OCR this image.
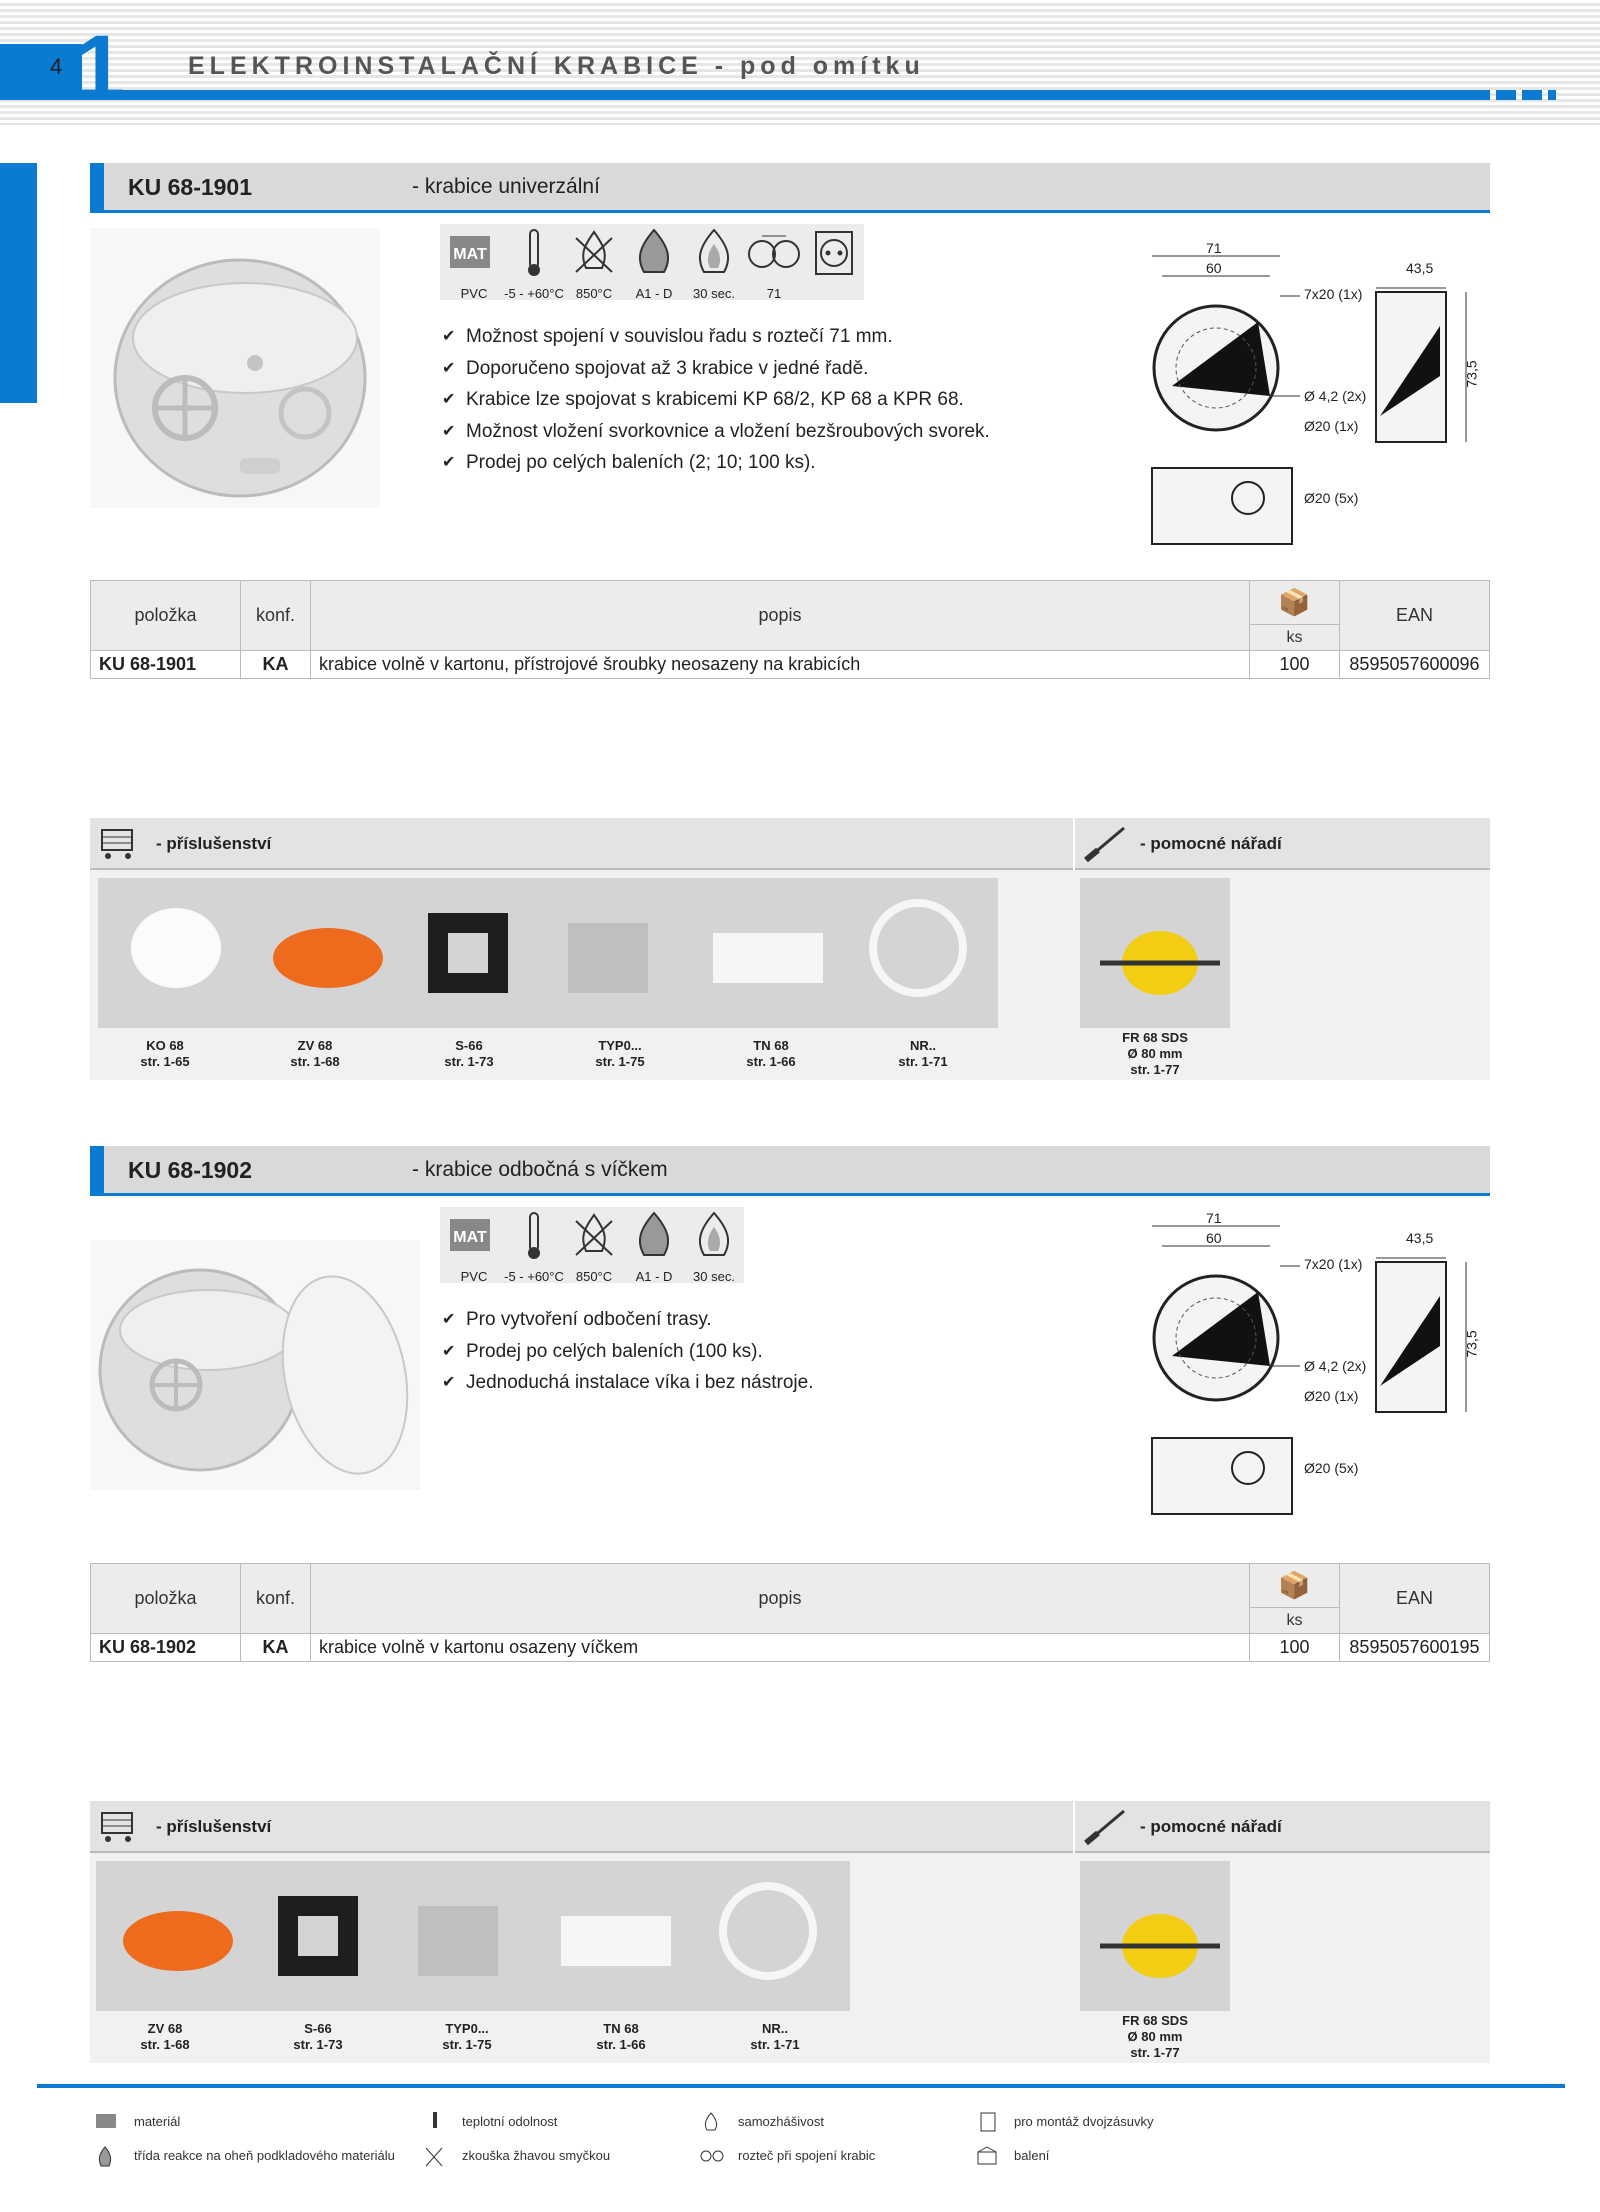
1
4	ELEKTROINSTALAČNÍ KRABICE - pod omítku
KU 68-1901	- krabice univerzální
MAT
PVC	-5 - +60°C 850°C	A1 - D	30 sec.	71
✔ Možnost spojení v souvislou řadu s roztečí 71 mm.
✔ Doporučeno spojovat až 3 krabice v jedné řadě.
✔ Krabice lze spojovat s krabicemi KP 68/2, KP 68 a KPR 68.
✔ Možnost vložení svorkovnice a vložení bezšroubových svorek.
✔ Prodej po celých baleních (2; 10; 100 ks).
71
60	43,5
73,5
7x20 (1x)
Ø 4,2 (2x)
Ø20 (1x)
Ø20 (5x)
položka	konf.	popis	📦	EAN
			ks	
KU 68-1901	KA	krabice volně v kartonu, přístrojové šroubky neosazeny na krabicích	100	8595057600096
- příslušenství	- pomocné nářadí
KO 68
str. 1-65
ZV 68
str. 1-68
S-66
str. 1-73
TYP0...
str. 1-75
TN 68
str. 1-66
NR..
str. 1-71
FR 68 SDS
Ø 80 mm
str. 1-77
KU 68-1902	- krabice odbočná s víčkem
MAT
PVC	-5 - +60°C 850°C	A1 - D	30 sec.
✔ Pro vytvoření odbočení trasy.
✔ Prodej po celých baleních (100 ks).
✔ Jednoduchá instalace víka i bez nástroje.
71
60	43,5
73,5
7x20 (1x)
Ø 4,2 (2x)
Ø20 (1x)
Ø20 (5x)
položka	konf.	popis	📦	EAN
			ks	
KU 68-1902	KA	krabice volně v kartonu osazeny víčkem	100	8595057600195
- příslušenství	- pomocné nářadí
ZV 68
str. 1-68
S-66
str. 1-73
TYP0...
str. 1-75
TN 68
str. 1-66
NR..
str. 1-71
FR 68 SDS
Ø 80 mm
str. 1-77
materiál	teplotní odolnost	samozhášivost	pro montáž dvojzásuvky
třída reakce na oheň podkladového materiálu	zkouška žhavou smyčkou	rozteč při spojení krabic	balení
